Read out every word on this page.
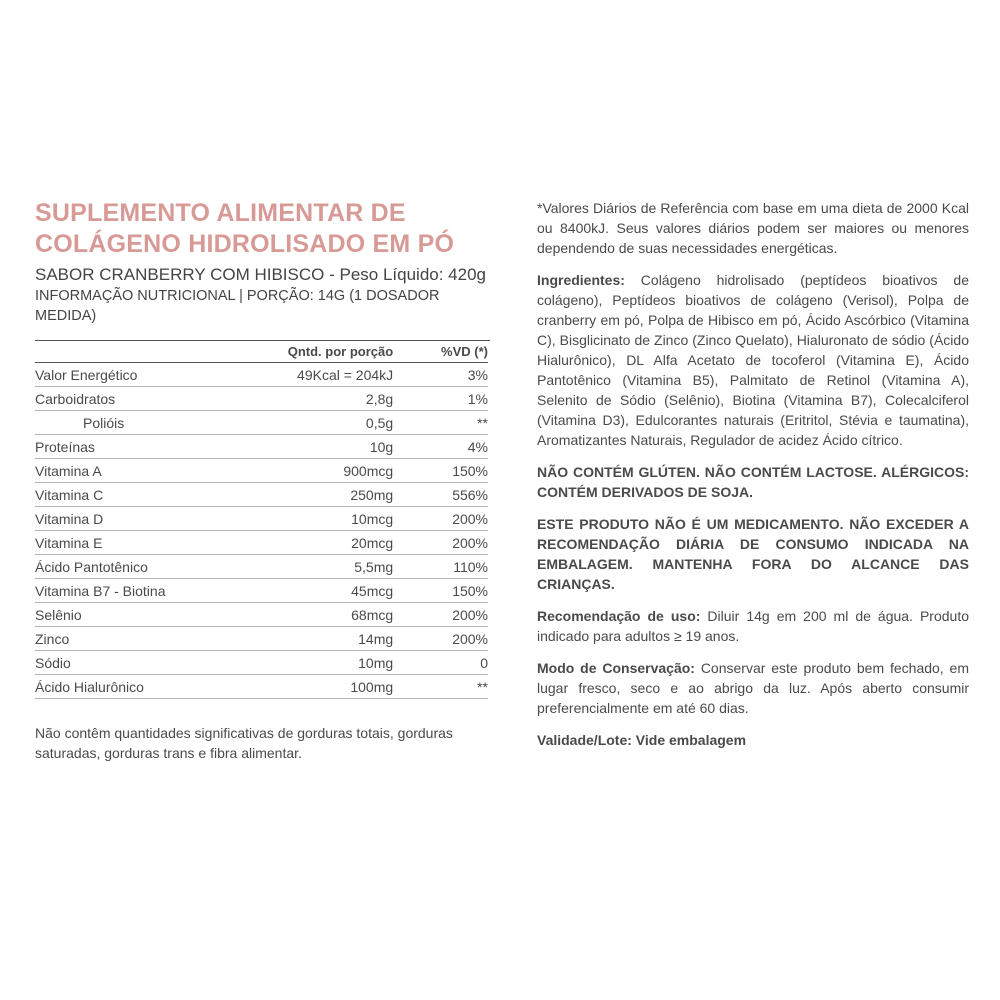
SUPLEMENTO ALIMENTAR DE
COLÁGENO HIDROLISADO EM PÓ
SABOR CRANBERRY COM HIBISCO - Peso Líquido: 420g
INFORMAÇÃO NUTRICIONAL | PORÇÃO: 14G (1 DOSADOR MEDIDA)
	Qntd. por porção	%VD (*)
Valor Energético	49Kcal = 204kJ	3%
Carboidratos	2,8g	1%
Polióis	0,5g	**
Proteínas	10g	4%
Vitamina A	900mcg	150%
Vitamina C	250mg	556%
Vitamina D	10mcg	200%
Vitamina E	20mcg	200%
Ácido Pantotênico	5,5mg	110%
Vitamina B7 - Biotina	45mcg	150%
Selênio	68mcg	200%
Zinco	14mg	200%
Sódio	10mg	0
Ácido Hialurônico	100mg	**
Não contêm quantidades significativas de gorduras totais, gorduras saturadas, gorduras trans e fibra alimentar.

*Valores Diários de Referência com base em uma dieta de 2000 Kcal ou 8400kJ. Seus valores diários podem ser maiores ou menores dependendo de suas necessidades energéticas.

Ingredientes: Colágeno hidrolisado (peptídeos bioativos de colágeno), Peptídeos bioativos de colágeno (Verisol), Polpa de cranberry em pó, Polpa de Hibisco em pó, Ácido Ascórbico (Vitamina C), Bisglicinato de Zinco (Zinco Quelato), Hialuronato de sódio (Ácido Hialurônico), DL Alfa Acetato de tocoferol (Vitamina E), Ácido Pantotênico (Vitamina B5), Palmitato de Retinol (Vitamina A), Selenito de Sódio (Selênio), Biotina (Vitamina B7), Colecalciferol (Vitamina D3), Edulcorantes naturais (Eritritol, Stévia e taumatina), Aromatizantes Naturais, Regulador de acidez Ácido cítrico.

NÃO CONTÉM GLÚTEN. NÃO CONTÉM LACTOSE. ALÉRGICOS: CONTÉM DERIVADOS DE SOJA.

ESTE PRODUTO NÃO É UM MEDICAMENTO. NÃO EXCEDER A RECOMENDAÇÃO DIÁRIA DE CONSUMO INDICADA NA EMBALAGEM. MANTENHA FORA DO ALCANCE DAS CRIANÇAS.

Recomendação de uso: Diluir 14g em 200 ml de água. Produto indicado para adultos ≥ 19 anos.

Modo de Conservação: Conservar este produto bem fechado, em lugar fresco, seco e ao abrigo da luz. Após aberto consumir preferencialmente em até 60 dias.

Validade/Lote: Vide embalagem
